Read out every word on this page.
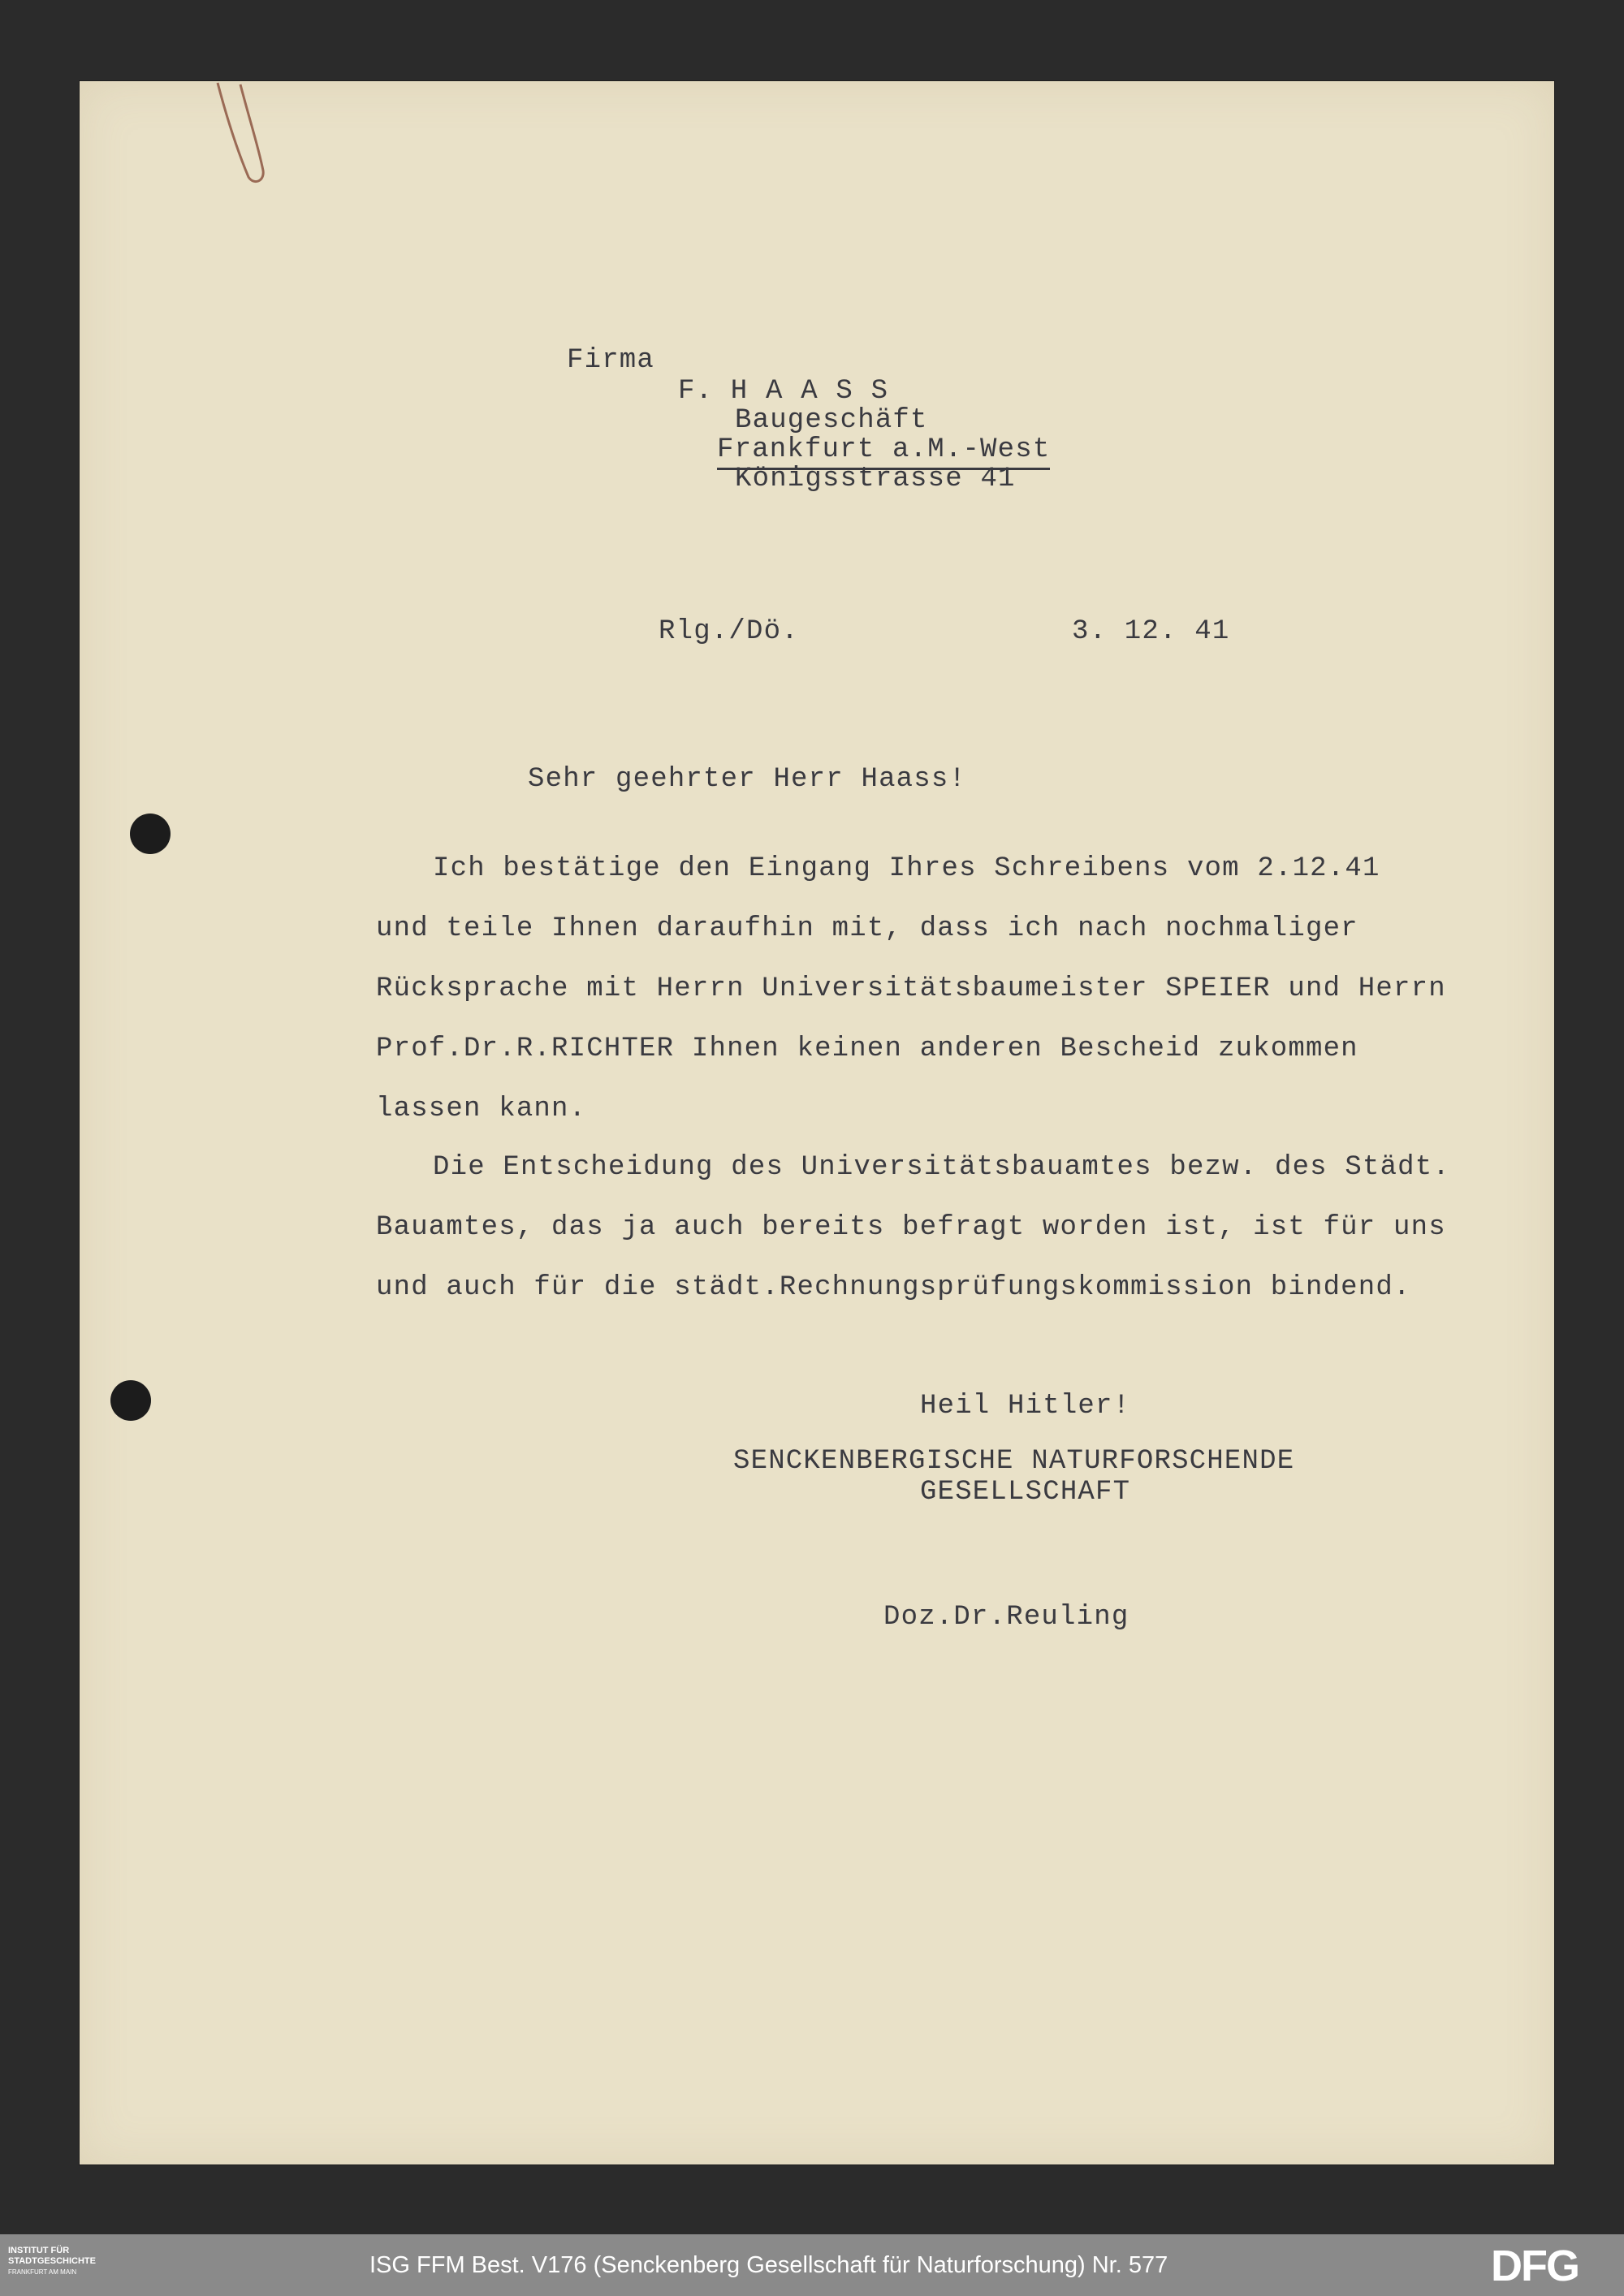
Firma
F. H A A S S
Baugeschäft
Frankfurt a.M.-West
Königsstrasse 41
Rlg./Dö.	3. 12. 41
Sehr geehrter Herr Haass!
Ich bestätige den Eingang Ihres Schreibens vom 2.12.41
und teile Ihnen daraufhin mit, dass ich nach nochmaliger
Rücksprache mit Herrn Universitätsbaumeister SPEIER und Herrn
Prof.Dr.R.RICHTER Ihnen keinen anderen Bescheid zukommen
lassen kann.
Die Entscheidung des Universitätsbauamtes bezw. des Städt.
Bauamtes, das ja auch bereits befragt worden ist, ist für uns
und auch für die städt.Rechnungsprüfungskommission bindend.
Heil Hitler!
SENCKENBERGISCHE NATURFORSCHENDE
GESELLSCHAFT
Doz.Dr.Reuling
INSTITUT FÜR
STADTGESCHICHTE
FRANKFURT AM MAIN	ISG FFM Best. V176 (Senckenberg Gesellschaft für Naturforschung) Nr. 577	DFG
